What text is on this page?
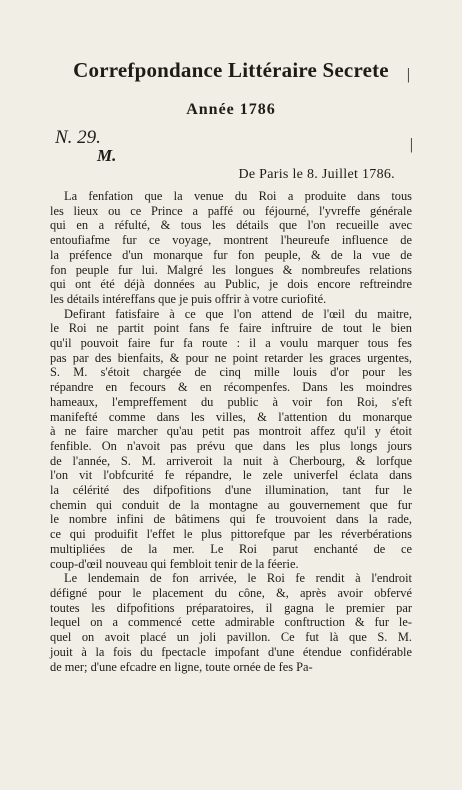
Correfpondance Littéraire Secrete
Année 1786
N. 29.
M.
De Paris le 8. Juillet 1786.
|
|
La fenfation que la venue du Roi a produite dans tous
les lieux ou ce Prince a paffé ou féjourné, l'yvreffe générale
qui en a réfulté, & tous les détails que l'on recueille avec
entoufiafme fur ce voyage, montrent l'heureufe influence de
la préfence d'un monarque fur fon peuple, & de la vue de
fon peuple fur lui. Malgré les longues & nombreufes relations
qui ont été déjà données au Public, je dois encore reftreindre
les détails intéreffans que je puis offrir à votre curiofité.
Defirant fatisfaire à ce que l'on attend de l'œil du maitre,
le Roi ne partit point fans fe faire inftruire de tout le bien
qu'il pouvoit faire fur fa route : il a voulu marquer tous fes
pas par des bienfaits, & pour ne point retarder les graces urgentes,
S. M. s'étoit chargée de cinq mille louis d'or pour les
répandre en fecours & en récompenfes. Dans les moindres
hameaux, l'empreffement du public à voir fon Roi, s'eft
manifefté comme dans les villes, & l'attention du monarque
à ne faire marcher qu'au petit pas montroit affez qu'il y étoit
fenfible. On n'avoit pas prévu que dans les plus longs jours
de l'année, S. M. arriveroit la nuit à Cherbourg, & lorfque
l'on vit l'obfcurité fe répandre, le zele univerfel éclata dans
la célérité des difpofitions d'une illumination, tant fur le
chemin qui conduit de la montagne au gouvernement que fur
le nombre infini de bâtimens qui fe trouvoient dans la rade,
ce qui produifit l'effet le plus pittorefque par les réverbérations
multipliées de la mer. Le Roi parut enchanté de ce
coup-d'œil nouveau qui fembloit tenir de la féerie.
Le lendemain de fon arrivée, le Roi fe rendit à l'endroit
défigné pour le placement du cône, &, après avoir obfervé
toutes les difpofitions préparatoires, il gagna le premier par
lequel on a commencé cette admirable conftruction & fur le-
quel on avoit placé un joli pavillon. Ce fut là que S. M.
jouit à la fois du fpectacle impofant d'une étendue confidérable
de mer; d'une efcadre en ligne, toute ornée de fes Pa-
